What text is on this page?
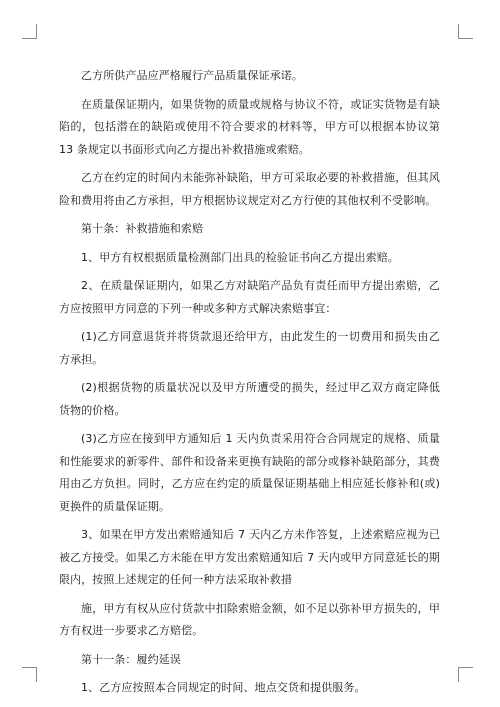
乙方所供产品应严格履行产品质量保证承诺。

在质量保证期内，如果货物的质量或规格与协议不符，或证实货物是有缺陷的，包括潜在的缺陷或使用不符合要求的材料等，甲方可以根据本协议第 13 条规定以书面形式向乙方提出补救措施或索赔。

乙方在约定的时间内未能弥补缺陷，甲方可采取必要的补救措施，但其风险和费用将由乙方承担，甲方根据协议规定对乙方行使的其他权利不受影响。

第十条：补救措施和索赔

1、甲方有权根据质量检测部门出具的检验证书向乙方提出索赔。

2、在质量保证期内，如果乙方对缺陷产品负有责任而甲方提出索赔，乙方应按照甲方同意的下列一种或多种方式解决索赔事宜：

(1)乙方同意退货并将货款退还给甲方，由此发生的一切费用和损失由乙方承担。

(2)根据货物的质量状况以及甲方所遭受的损失，经过甲乙双方商定降低货物的价格。

(3)乙方应在接到甲方通知后 1 天内负责采用符合合同规定的规格、质量和性能要求的新零件、部件和设备来更换有缺陷的部分或修补缺陷部分，其费用由乙方负担。同时，乙方应在约定的质量保证期基础上相应延长修补和(或)更换件的质量保证期。

3、如果在甲方发出索赔通知后 7 天内乙方未作答复，上述索赔应视为已被乙方接受。如果乙方未能在甲方发出索赔通知后 7 天内或甲方同意延长的期限内，按照上述规定的任何一种方法采取补救措

施，甲方有权从应付货款中扣除索赔金额，如不足以弥补甲方损失的，甲方有权进一步要求乙方赔偿。

第十一条：履约延误

1、乙方应按照本合同规定的时间、地点交货和提供服务。
